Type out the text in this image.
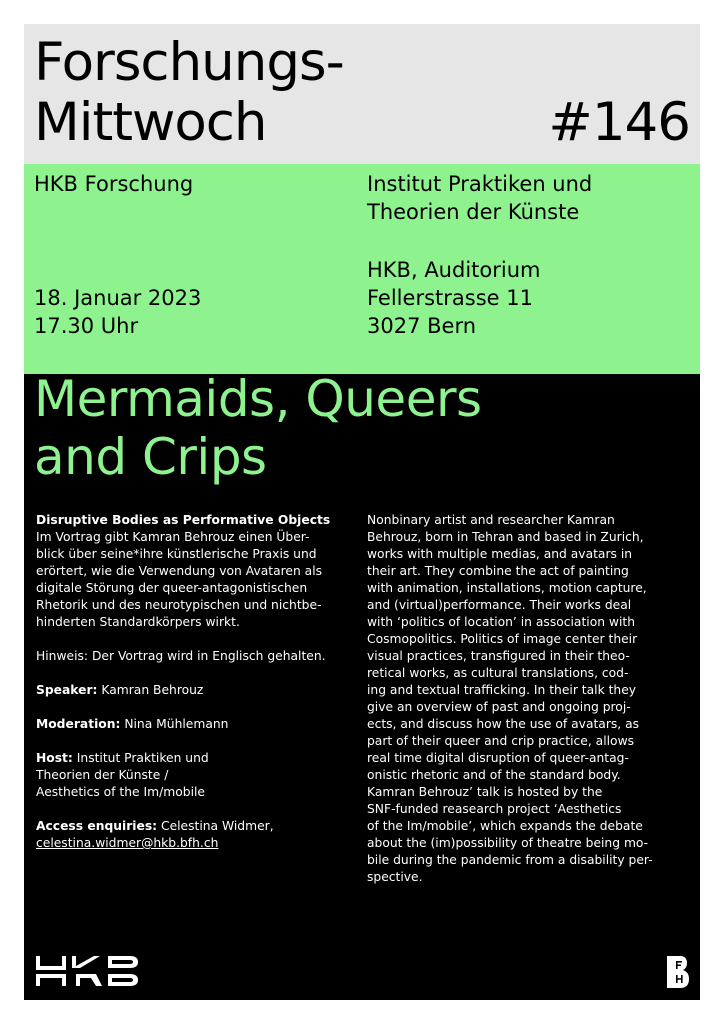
Forschungs-
Mittwoch	#146
HKB Forschung	Institut Praktiken und
Theorien der Künste
HKB, Auditorium
18. Januar 2023	Fellerstrasse 11
17.30 Uhr	3027 Bern
Mermaids, Queers
and Crips

Disruptive Bodies as Performative Objects
Im Vortrag gibt Kamran Behrouz einen Über-
blick über seine*ihre künstlerische Praxis und
erörtert, wie die Verwendung von Avataren als
digitale Störung der queer-antagonistischen
Rhetorik und des neurotypischen und nichtbe-
hinderten Standardkörpers wirkt.

Hinweis: Der Vortrag wird in Englisch gehalten.

Speaker: Kamran Behrouz

Moderation: Nina Mühlemann

Host: Institut Praktiken und
Theorien der Künste /
Aesthetics of the Im/mobile

Access enquiries: Celestina Widmer,
celestina.widmer@hkb.bfh.ch

Nonbinary artist and researcher Kamran
Behrouz, born in Tehran and based in Zurich,
works with multiple medias, and avatars in
their art. They combine the act of painting
with animation, installations, motion capture,
and (virtual)performance. Their works deal
with ‘politics of location’ in association with
Cosmopolitics. Politics of image center their
visual practices, transfigured in their theo-
retical works, as cultural translations, cod-
ing and textual trafficking. In their talk they
give an overview of past and ongoing proj-
ects, and discuss how the use of avatars, as
part of their queer and crip practice, allows
real time digital disruption of queer-antag-
onistic rhetoric and of the standard body.
Kamran Behrouz’ talk is hosted by the
SNF-funded reasearch project ‘Aesthetics
of the Im/mobile’, which expands the debate
about the (im)possibility of theatre being mo-
bile during the pandemic from a disability per-
spective.
